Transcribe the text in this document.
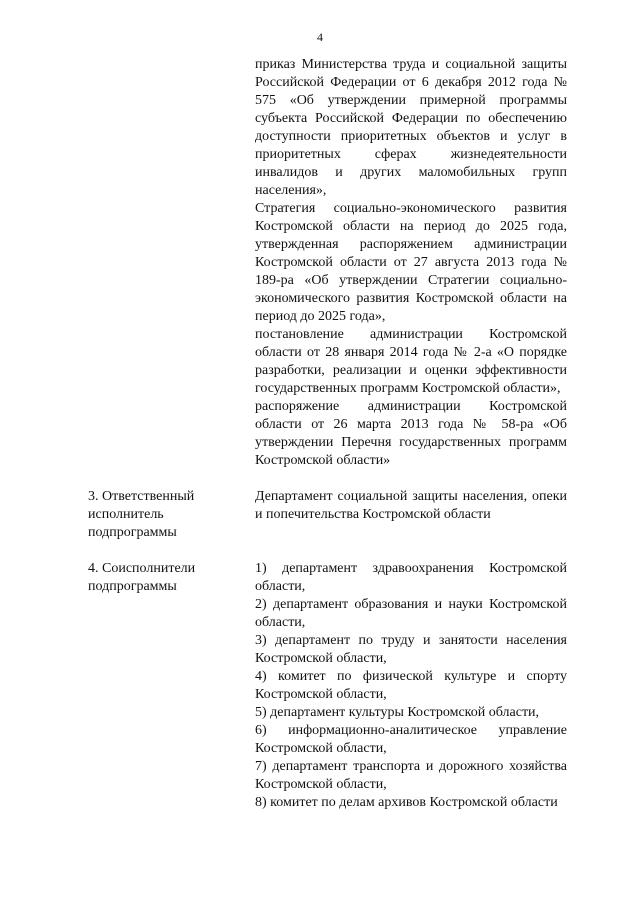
4

приказ Министерства труда и социальной защиты Российской Федерации от 6 декабря 2012 года № 575 «Об утверждении примерной программы субъекта Российской Федерации по обеспечению доступности приоритетных объектов и услуг в приоритетных сферах жизнедеятельности инвалидов и других маломобильных групп населения»,

Стратегия социально-экономического развития Костромской области на период до 2025 года, утвержденная распоряжением администрации Костромской области от 27 августа 2013 года № 189-ра «Об утверждении Стратегии социально-экономического развития Костромской области на период до 2025 года»,

постановление администрации Костромской области от 28 января 2014 года № 2-а «О порядке разработки, реализации и оценки эффективности государственных программ Костромской области»,

распоряжение администрации Костромской области от 26 марта 2013 года № 58-ра «Об утверждении Перечня государственных программ Костромской области»

3. Ответственный исполнитель подпрограммы

Департамент социальной защиты населения, опеки и попечительства Костромской области

4. Соисполнители подпрограммы

1) департамент здравоохранения Костромской области,

2) департамент образования и науки Костромской области,

3) департамент по труду и занятости населения Костромской области,

4) комитет по физической культуре и спорту Костромской области,

5) департамент культуры Костромской области,

6) информационно-аналитическое управление Костромской области,

7) департамент транспорта и дорожного хозяйства Костромской области,

8) комитет по делам архивов Костромской области
